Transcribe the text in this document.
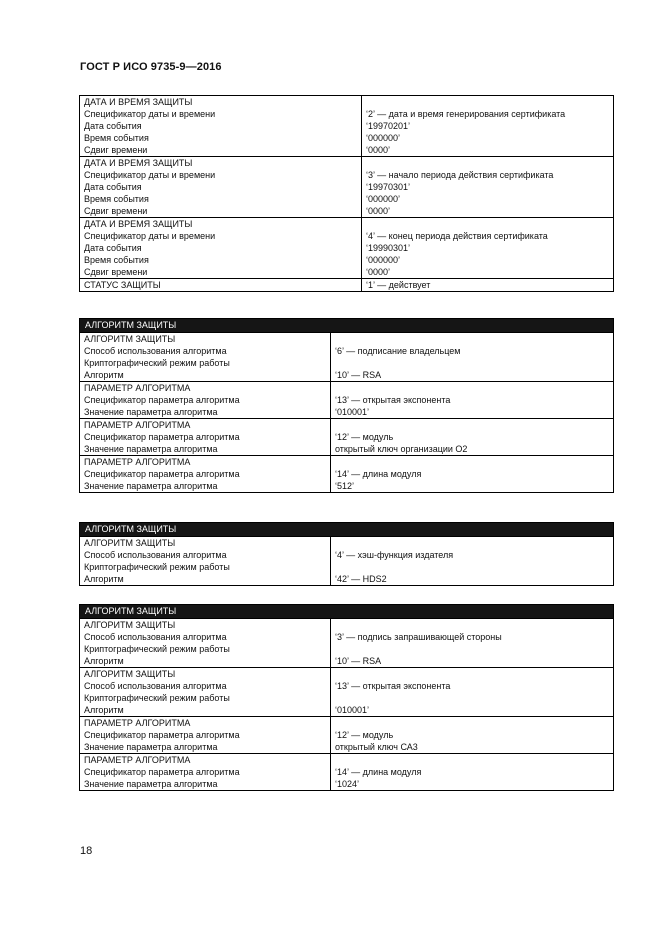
ГОСТ Р ИСО 9735-9—2016
ДАТА И ВРЕМЯ ЗАЩИТЫ
Спецификатор даты и времени
Дата события
Время события
Сдвиг времени
‘2’ — дата и время генерирования сертификата
‘19970201’
‘000000’
‘0000’
ДАТА И ВРЕМЯ ЗАЩИТЫ
Спецификатор даты и времени
Дата события
Время события
Сдвиг времени
‘3’ — начало периода действия сертификата
‘19970301’
‘000000’
‘0000’
ДАТА И ВРЕМЯ ЗАЩИТЫ
Спецификатор даты и времени
Дата события
Время события
Сдвиг времени
‘4’ — конец периода действия сертификата
‘19990301’
‘000000’
‘0000’
СТАТУС ЗАЩИТЫ	‘1’ — действует
АЛГОРИТМ ЗАЩИТЫ
АЛГОРИТМ ЗАЩИТЫ
Способ использования алгоритма
Криптографический режим работы
Алгоритм
‘6’ — подписание владельцем
‘10’ — RSA
ПАРАМЕТР АЛГОРИТМА
Спецификатор параметра алгоритма
Значение параметра алгоритма
‘13’ — открытая экспонента
‘010001’
ПАРАМЕТР АЛГОРИТМА
Спецификатор параметра алгоритма
Значение параметра алгоритма
‘12’ — модуль
открытый ключ организации О2
ПАРАМЕТР АЛГОРИТМА
Спецификатор параметра алгоритма
Значение параметра алгоритма
‘14’ — длина модуля
‘512’
АЛГОРИТМ ЗАЩИТЫ
АЛГОРИТМ ЗАЩИТЫ
Способ использования алгоритма
Криптографический режим работы
Алгоритм
‘4’ — хэш-функция издателя
‘42’ — HDS2
АЛГОРИТМ ЗАЩИТЫ
АЛГОРИТМ ЗАЩИТЫ
Способ использования алгоритма
Криптографический режим работы
Алгоритм
‘3’ — подпись запрашивающей стороны
‘10’ — RSA
АЛГОРИТМ ЗАЩИТЫ
Способ использования алгоритма
Криптографический режим работы
Алгоритм
‘13’ — открытая экспонента
‘010001’
ПАРАМЕТР АЛГОРИТМА
Спецификатор параметра алгоритма
Значение параметра алгоритма
‘12’ — модуль
открытый ключ СА3
ПАРАМЕТР АЛГОРИТМА
Спецификатор параметра алгоритма
Значение параметра алгоритма
‘14’ — длина модуля
‘1024’
18
